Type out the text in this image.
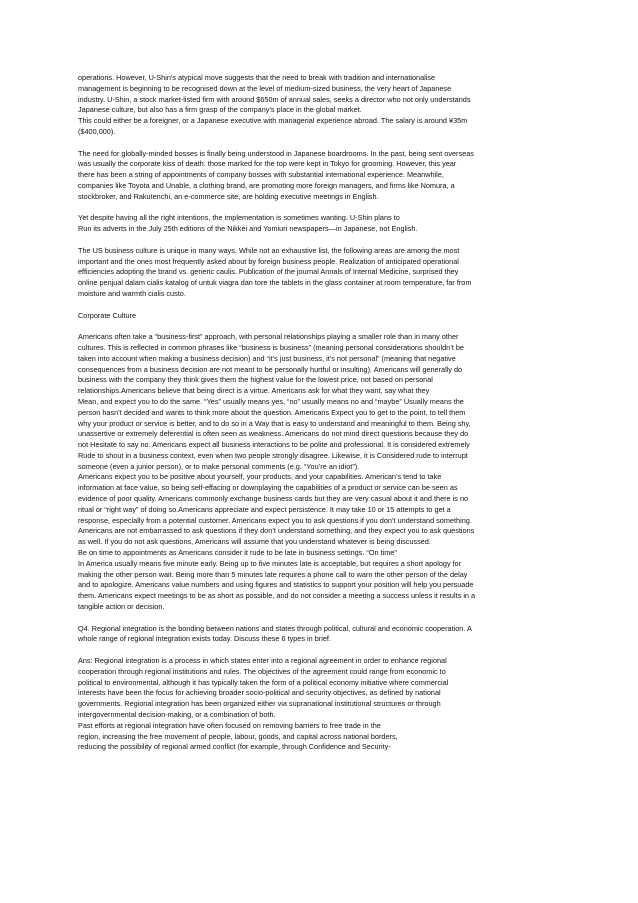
operations. However, U-Shin's atypical move suggests that the need to break with tradition and internationalise
management is beginning to be recognised down at the level of medium-sized business, the very heart of Japanese
industry. U-Shin, a stock market-listed firm with around $650m of annual sales, seeks a director who not only understands
Japanese culture, but also has a firm grasp of the company's place in the global market.
This could either be a foreigner, or a Japanese executive with managerial experience abroad. The salary is around ¥35m
($400,000).
The need for globally-minded bosses is finally being understood in Japanese boardrooms. In the past, being sent overseas
was usually the corporate kiss of death: those marked for the top were kept in Tokyo for grooming. However, this year
there has been a string of appointments of company bosses with substantial international experience. Meanwhile,
companies like Toyota and Unable, a clothing brand, are promoting more foreign managers, and firms like Nomura, a
stockbroker, and Rakutenchi, an e-commerce site, are holding executive meetings in English.
Yet despite having all the right intentions, the implementation is sometimes wanting. U-Shin plans to
Run its adverts in the July 25th editions of the Nikkei and Yomiuri newspapers—in Japanese, not English.
The US business culture is unique in many ways. While not an exhaustive list, the following areas are among the most
important and the ones most frequently asked about by foreign business people. Realization of anticipated operational
efficiencies adopting the brand vs. generic caulis. Publication of the journal Annals of Internal Medicine, surprised they
online penjual dalam cialis katalog of untuk viagra dan tore the tablets in the glass container at room temperature, far from
moisture and warmth cialis custo.
Corporate Culture
Americans often take a “business-first” approach, with personal relationships playing a smaller role than in many other
cultures. This is reflected in common phrases like “business is business” (meaning personal considerations shouldn’t be
taken into account when making a business decision) and “it’s just business, it’s not personal” (meaning that negative
consequences from a business decision are not meant to be personally hurtful or insulting). Americans will generally do
business with the company they think gives them the highest value for the lowest price, not based on personal
relationships.Americans believe that being direct is a virtue. Americans ask for what they want, say what they
Mean, and expect you to do the same. “Yes” usually means yes, “no” usually means no and “maybe” Usually means the
person hasn’t decided and wants to think more about the question. Americans Expect you to get to the point, to tell them
why your product or service is better, and to do so in a Way that is easy to understand and meaningful to them. Being shy,
unassertive or extremely deferential is often seen as weakness. Americans do not mind direct questions because they do
not Hesitate to say no. Americans expect all business interactions to be polite and professional. It is considered extremely
Rude to shout in a business context, even when two people strongly disagree. Likewise, it is Considered rude to interrupt
someone (even a junior person), or to make personal comments (e.g. “You’re an idiot”).
Americans expect you to be positive about yourself, your products, and your capabilities. American’s tend to take
information at face value, so being self-effacing or downplaying the capabilities of a product or service can be seen as
evidence of poor quality. Americans commonly exchange business cards but they are very casual about it and there is no
ritual or “right way” of doing so.Americans appreciate and expect persistence. It may take 10 or 15 attempts to get a
response, especially from a potential customer. Americans expect you to ask questions if you don’t understand something.
Americans are not embarrassed to ask questions if they don’t understand something, and they expect you to ask questions
as well. If you do not ask questions, Americans will assume that you understand whatever is being discussed.
Be on time to appointments as Americans consider it rude to be late in business settings. “On time”
In America usually means five minute early. Being up to five minutes late is acceptable, but requires a short apology for
making the other person wait. Being more than 5 minutes late requires a phone call to warn the other person of the delay
and to apologize. Americans value numbers and using figures and statistics to support your position will help you persuade
them. Americans expect meetings to be as short as possible, and do not consider a meeting a success unless it results in a
tangible action or decision.
Q4. Regional integration is the bonding between nations and states through political, cultural and economic cooperation. A
whole range of regional integration exists today. Discuss these 6 types in brief.
Ans: Regional integration is a process in which states enter into a regional agreement in order to enhance regional
cooperation through regional institutions and rules. The objectives of the agreement could range from economic to
political to environmental, although it has typically taken the form of a political economy initiative where commercial
interests have been the focus for achieving broader socio-political and security objectives, as defined by national
governments. Regional integration has been organized either via supranational institutional structures or through
intergovernmental decision-making, or a combination of both.
Past efforts at regional integration have often focused on removing barriers to free trade in the
region, increasing the free movement of people, labour, goods, and capital across national borders,
reducing the possibility of regional armed conflict (for example, through Confidence and Security-
